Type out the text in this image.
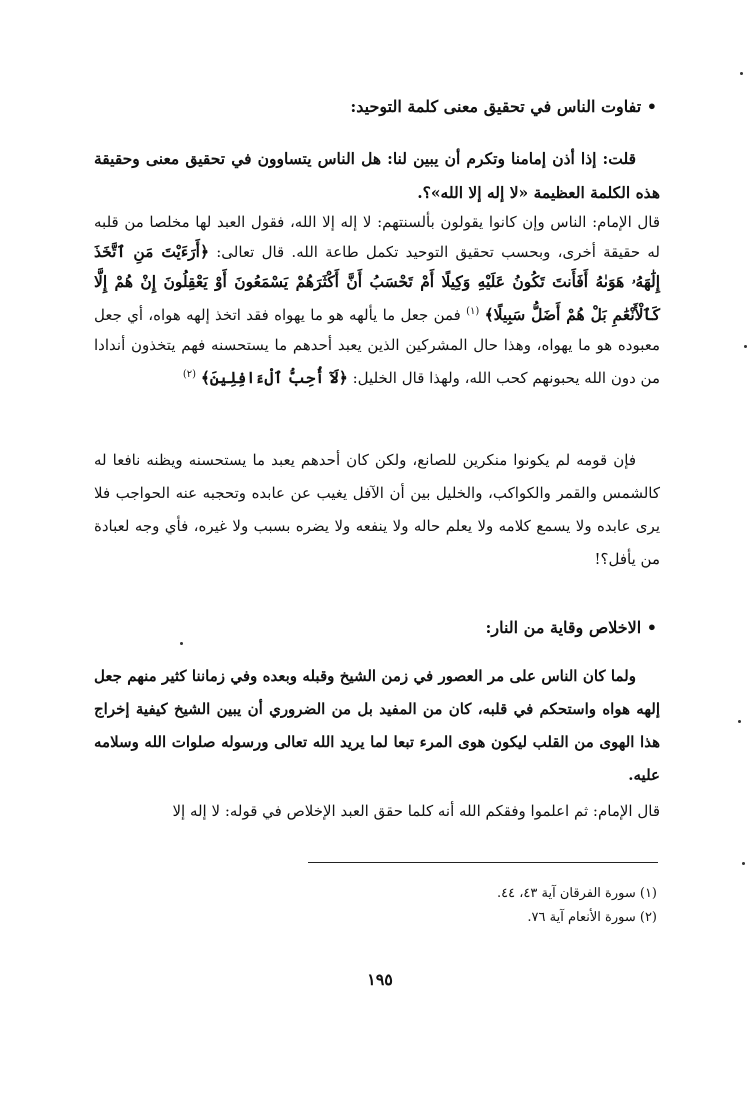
• تفاوت الناس في تحقيق معنى كلمة التوحيد:
قلت: إذا أذن إمامنا وتكرم أن يبين لنا: هل الناس يتساوون في تحقيق معنى وحقيقة هذه الكلمة العظيمة «لا إله إلا الله»؟.
قال الإمام: الناس وإن كانوا يقولون بألسنتهم: لا إله إلا الله، فقول العبد لها مخلصا من قلبه له حقيقة أخرى، وبحسب تحقيق التوحيد تكمل طاعة الله. قال تعالى: ﴿أَرَءَيْتَ مَنِ ٱتَّخَذَ إِلَٰهَهُۥ هَوَىٰهُ أَفَأَنتَ تَكُونُ عَلَيْهِ وَكِيلًا أَمْ تَحْسَبُ أَنَّ أَكْثَرَهُمْ يَسْمَعُونَ أَوْ يَعْقِلُونَ إِنْ هُمْ إِلَّا كَٱلْأَنْعَٰمِ بَلْ هُمْ أَضَلُّ سَبِيلًا﴾ $^{(١)}$ فمن جعل ما يألهه هو ما يهواه فقد اتخذ إلهه هواه، أي جعل معبوده هو ما يهواه، وهذا حال المشركين الذين يعبد أحدهم ما يستحسنه فهم يتخذون أندادا من دون الله يحبونهم كحب الله، ولهذا قال الخليل: ﴿لَآ أُحِبُّ ٱلْءَافِلِينَ﴾ $^{(٢)}$
فإن قومه لم يكونوا منكرين للصانع، ولكن كان أحدهم يعبد ما يستحسنه ويظنه نافعا له كالشمس والقمر والكواكب، والخليل بين أن الآفل يغيب عن عابده وتحجبه عنه الحواجب فلا يرى عابده ولا يسمع كلامه ولا يعلم حاله ولا ينفعه ولا يضره بسبب ولا غيره، فأي وجه لعبادة من يأفل؟!
• الاخلاص وقاية من النار:
ولما كان الناس على مر العصور في زمن الشيخ وقبله وبعده وفي زماننا كثير منهم جعل إلهه هواه واستحكم في قلبه، كان من المفيد بل من الضروري أن يبين الشيخ كيفية إخراج هذا الهوى من القلب ليكون هوى المرء تبعا لما يريد الله تعالى ورسوله صلوات الله وسلامه عليه.
قال الإمام: ثم اعلموا وفقكم الله أنه كلما حقق العبد الإخلاص في قوله: لا إله إلا
(١) سورة الفرقان آية ٤٣، ٤٤.
(٢) سورة الأنعام آية ٧٦.
١٩٥
